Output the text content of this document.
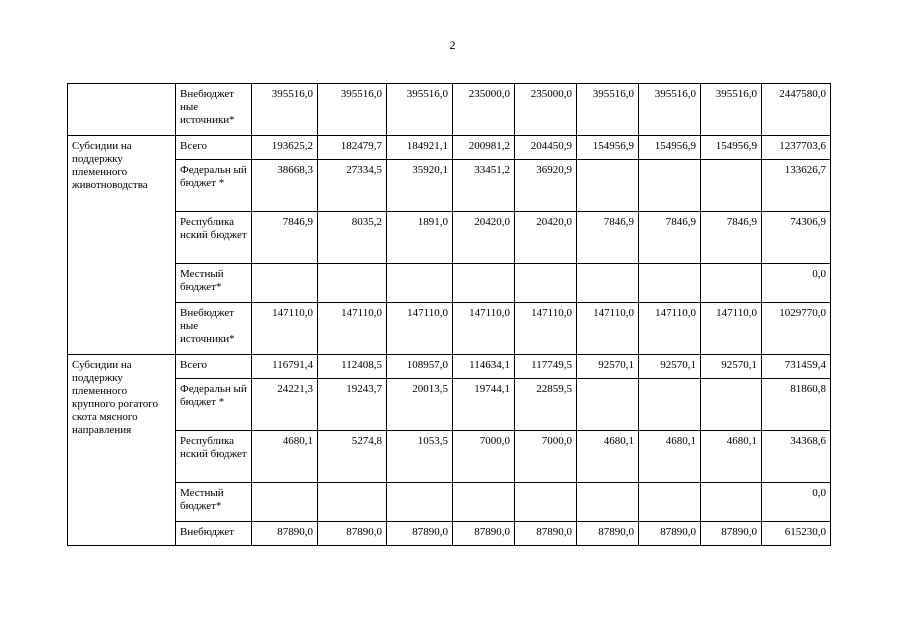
2
	Внебюджет ные источники*	395516,0	395516,0	395516,0	235000,0	235000,0	395516,0	395516,0	395516,0	2447580,0
Субсидии на поддержку племенного животноводства	Всего	193625,2	182479,7	184921,1	200981,2	204450,9	154956,9	154956,9	154956,9	1237703,6
	Федеральн ый бюджет *	38668,3	27334,5	35920,1	33451,2	36920,9				133626,7
	Республика нский бюджет	7846,9	8035,2	1891,0	20420,0	20420,0	7846,9	7846,9	7846,9	74306,9
	Местный бюджет*									0,0
	Внебюджет ные источники*	147110,0	147110,0	147110,0	147110,0	147110,0	147110,0	147110,0	147110,0	1029770,0
Субсидии на поддержку племенного крупного рогатого скота мясного направления	Всего	116791,4	112408,5	108957,0	114634,1	117749,5	92570,1	92570,1	92570,1	731459,4
	Федеральн ый бюджет *	24221,3	19243,7	20013,5	19744,1	22859,5				81860,8
	Республика нский бюджет	4680,1	5274,8	1053,5	7000,0	7000,0	4680,1	4680,1	4680,1	34368,6
	Местный бюджет*									0,0
	Внебюджет	87890,0	87890,0	87890,0	87890,0	87890,0	87890,0	87890,0	87890,0	615230,0
